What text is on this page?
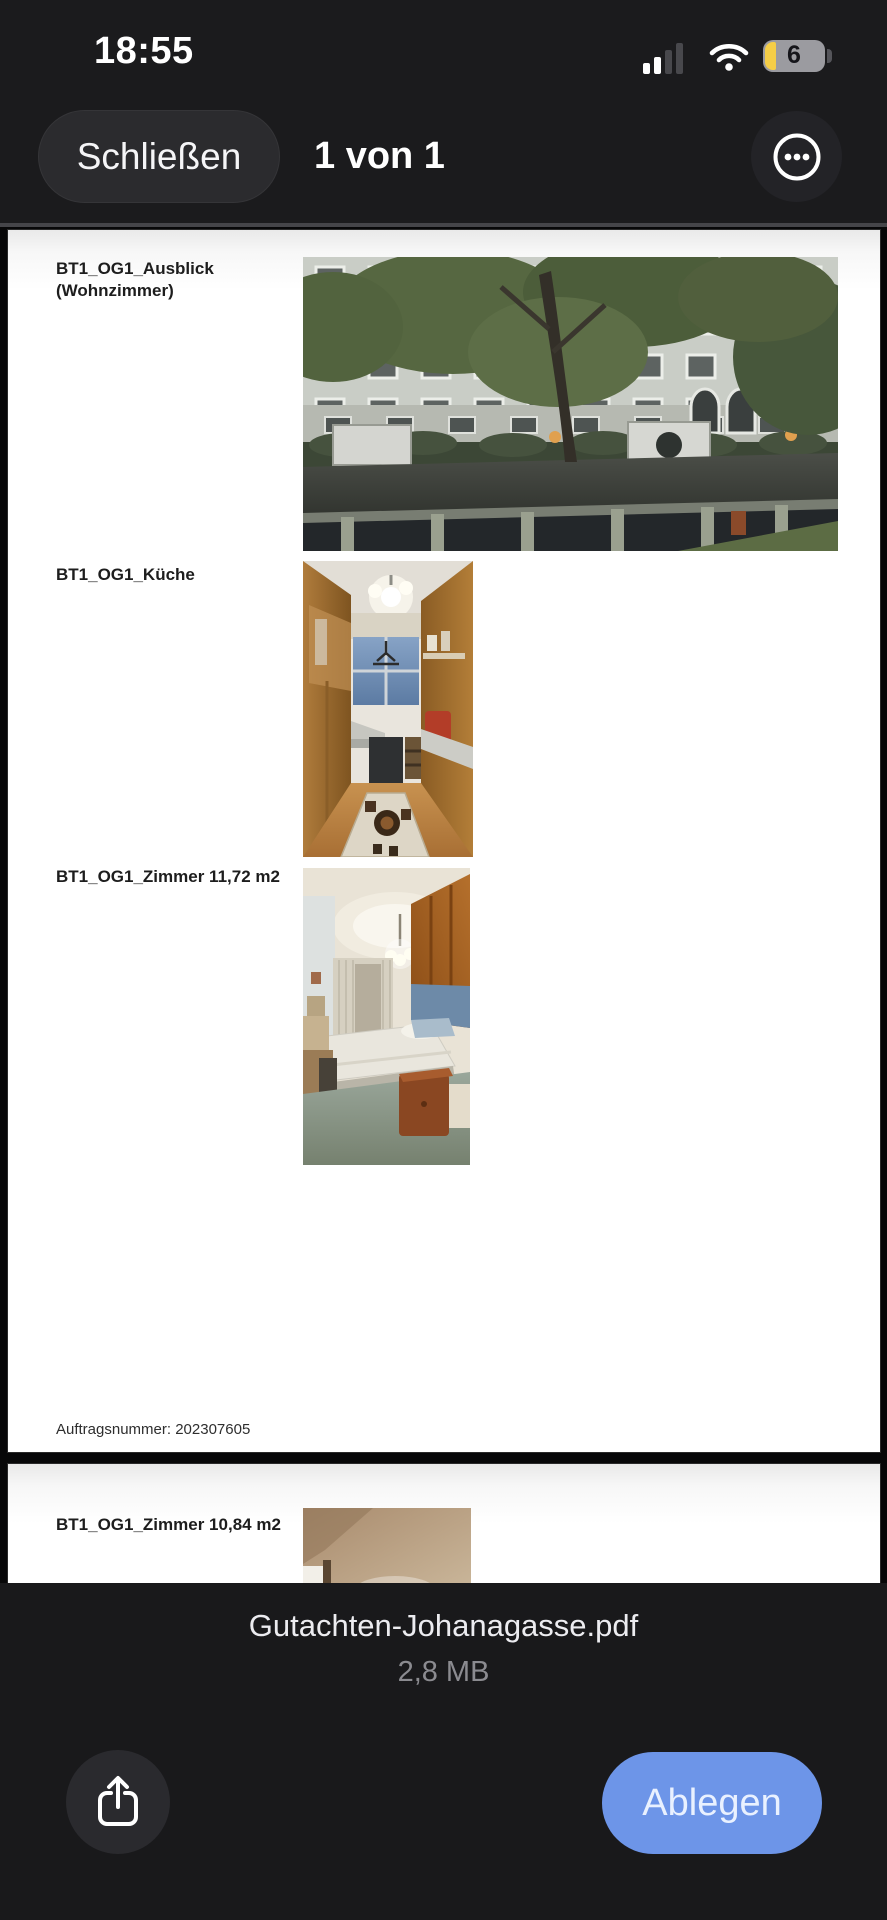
18:55	6
Schließen	1 von 1
BT1_OG1_Ausblick (Wohnzimmer)
BT1_OG1_Küche
BT1_OG1_Zimmer 11,72 m2
Auftragsnummer: 202307605
BT1_OG1_Zimmer 10,84 m2
Gutachten-Johanagasse.pdf
2,8 MB
Ablegen
